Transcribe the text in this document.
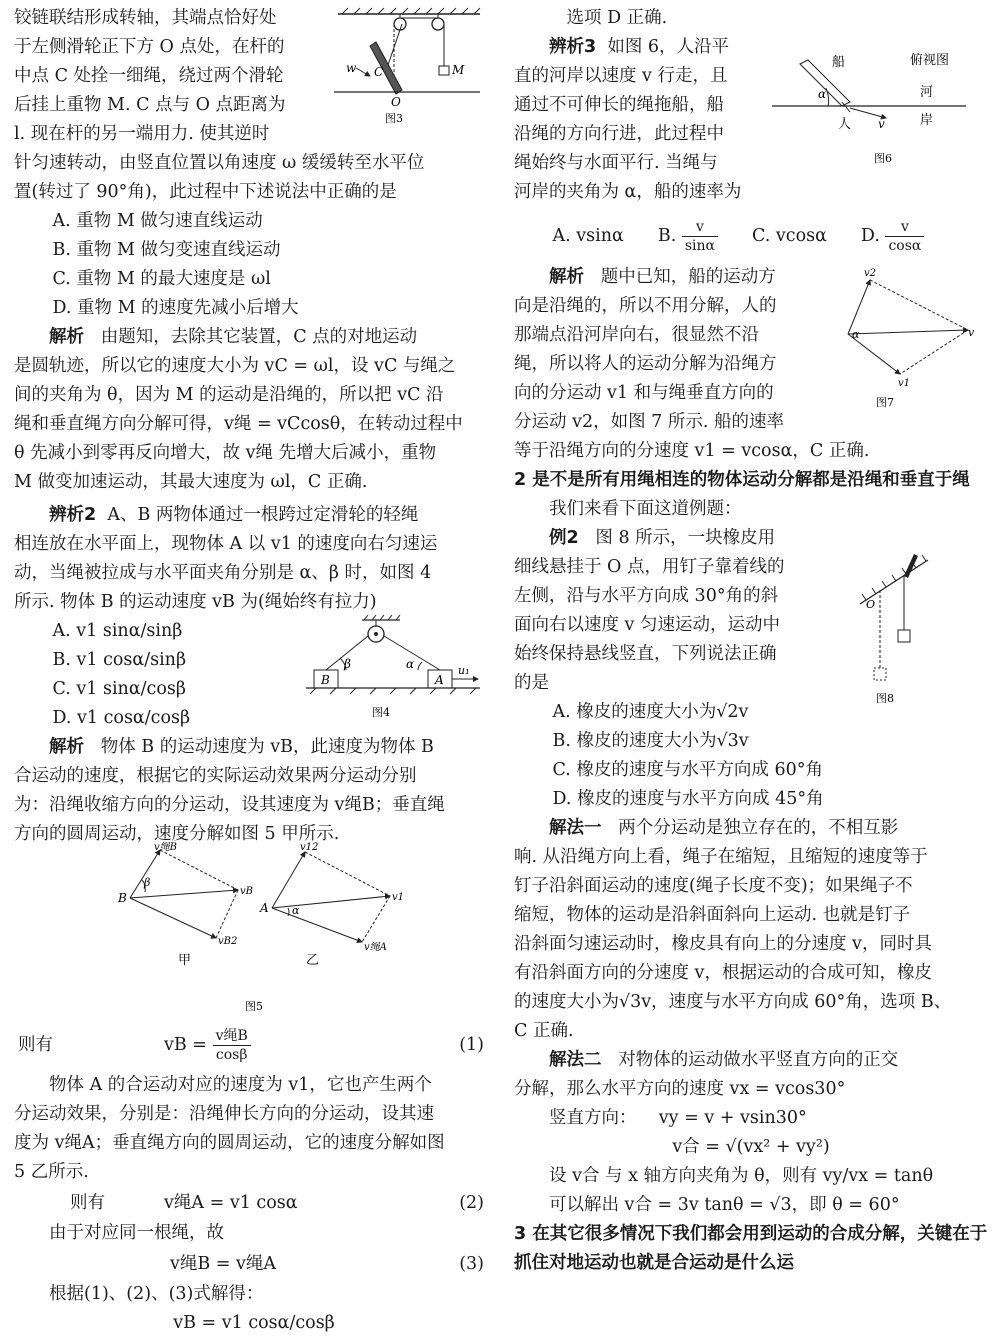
铰链联结形成转轴，其端点恰好处

于左侧滑轮正下方 O 点处，在杆的

中点 C 处拴一细绳，绕过两个滑轮

后挂上重物 M. C 点与 O 点距离为

l. 现在杆的另一端用力. 使其逆时

针匀速转动，由竖直位置以角速度 ω 缓缓转至水平位

置(转过了 90°角)，此过程中下述说法中正确的是

A. 重物 M 做匀速直线运动

B. 重物 M 做匀变速直线运动

C. 重物 M 的最大速度是 ωl

D. 重物 M 的速度先减小后增大

解析 由题知，去除其它装置，C 点的对地运动

是圆轨迹，所以它的速度大小为 vC = ωl，设 vC 与绳之

间的夹角为 θ，因为 M 的运动是沿绳的，所以把 vC 沿

绳和垂直绳方向分解可得，v绳 = vCcosθ，在转动过程中

θ 先减小到零再反向增大，故 v绳 先增大后减小，重物

M 做变加速运动，其最大速度为 ωl，C 正确.

辨析2 A、B 两物体通过一根跨过定滑轮的轻绳

相连放在水平面上，现物体 A 以 v1 的速度向右匀速运

动，当绳被拉成与水平面夹角分别是 α、β 时，如图 4

所示. 物体 B 的运动速度 vB 为(绳始终有拉力)

A. v1 sinα/sinβ

B. v1 cosα/sinβ

C. v1 sinα/cosβ

D. v1 cosα/cosβ

解析 物体 B 的运动速度为 vB，此速度为物体 B

合运动的速度，根据它的实际运动效果两分运动分别

为：沿绳收缩方向的分运动，设其速度为 v绳B；垂直绳

方向的圆周运动，速度分解如图 5 甲所示.

则有	vB = $\frac{\text{v绳B}}{\cos\beta}$	(1)

物体 A 的合运动对应的速度为 v1，它也产生两个

分运动效果，分别是：沿绳伸长方向的分运动，设其速

度为 v绳A；垂直绳方向的圆周运动，它的速度分解如图

5 乙所示.

则有	v绳A = v1 cosα	(2)

由于对应同一根绳，故

v绳B = v绳A	(3)

根据(1)、(2)、(3)式解得：

vB = v1 cosα/cosβ

M
C
w
O
图3
B	A
β	α	u₁
图4
v绳B
vB
vB2
B
β
甲
v12
v1
v绳A
A α
乙
图5

选项 D 正确.

辨析3 如图 6，人沿平

直的河岸以速度 v 行走，且

通过不可伸长的绳拖船，船

沿绳的方向行进，此过程中

绳始终与水面平行. 当绳与

河岸的夹角为 α，船的速率为

A. vsinα B. $\frac{v}{\sin\alpha} C$. vcosα D. $\frac{v}{\cos\alpha}$

解析 题中已知，船的运动方

向是沿绳的，所以不用分解，人的

那端点沿河岸向右，很显然不沿

绳，所以将人的运动分解为沿绳方

向的分运动 v1 和与绳垂直方向的

分运动 v2，如图 7 所示. 船的速率

等于沿绳方向的分速度 v1 = vcosα，C 正确.

2 是不是所有用绳相连的物体运动分解都是沿绳和垂直于绳

我们来看下面这道例题：

例2 图 8 所示，一块橡皮用

细线悬挂于 O 点，用钉子靠着线的

左侧，沿与水平方向成 30°角的斜

面向右以速度 v 匀速运动，运动中

始终保持悬线竖直，下列说法正确

的是

A. 橡皮的速度大小为√2v

B. 橡皮的速度大小为√3v

C. 橡皮的速度与水平方向成 60°角

D. 橡皮的速度与水平方向成 45°角

解法一 两个分运动是独立存在的，不相互影

响. 从沿绳方向上看，绳子在缩短，且缩短的速度等于

钉子沿斜面运动的速度(绳子长度不变)；如果绳子不

缩短，物体的运动是沿斜面斜向上运动. 也就是钉子

沿斜面匀速运动时，橡皮具有向上的分速度 v，同时具

有沿斜面方向的分速度 v，根据运动的合成可知，橡皮

的速度大小为√3v，速度与水平方向成 60°角，选项 B、

C 正确.

解法二 对物体的运动做水平竖直方向的正交

分解，那么水平方向的速度 vx = vcos30°

竖直方向： vy = v + vsin30°

v合 = √(vx² + vy²)

设 v合 与 x 轴方向夹角为 θ，则有 vy/vx = tanθ

可以解出 v合 = 3v tanθ = √3，即 θ = 60°

3 在其它很多情况下我们都会用到运动的合成分解，关键在于抓住对地运动也就是合运动是什么运

α
船	俯视图
河
岸
人 v
图6
α
v2
v
v1
图7
O
图8
